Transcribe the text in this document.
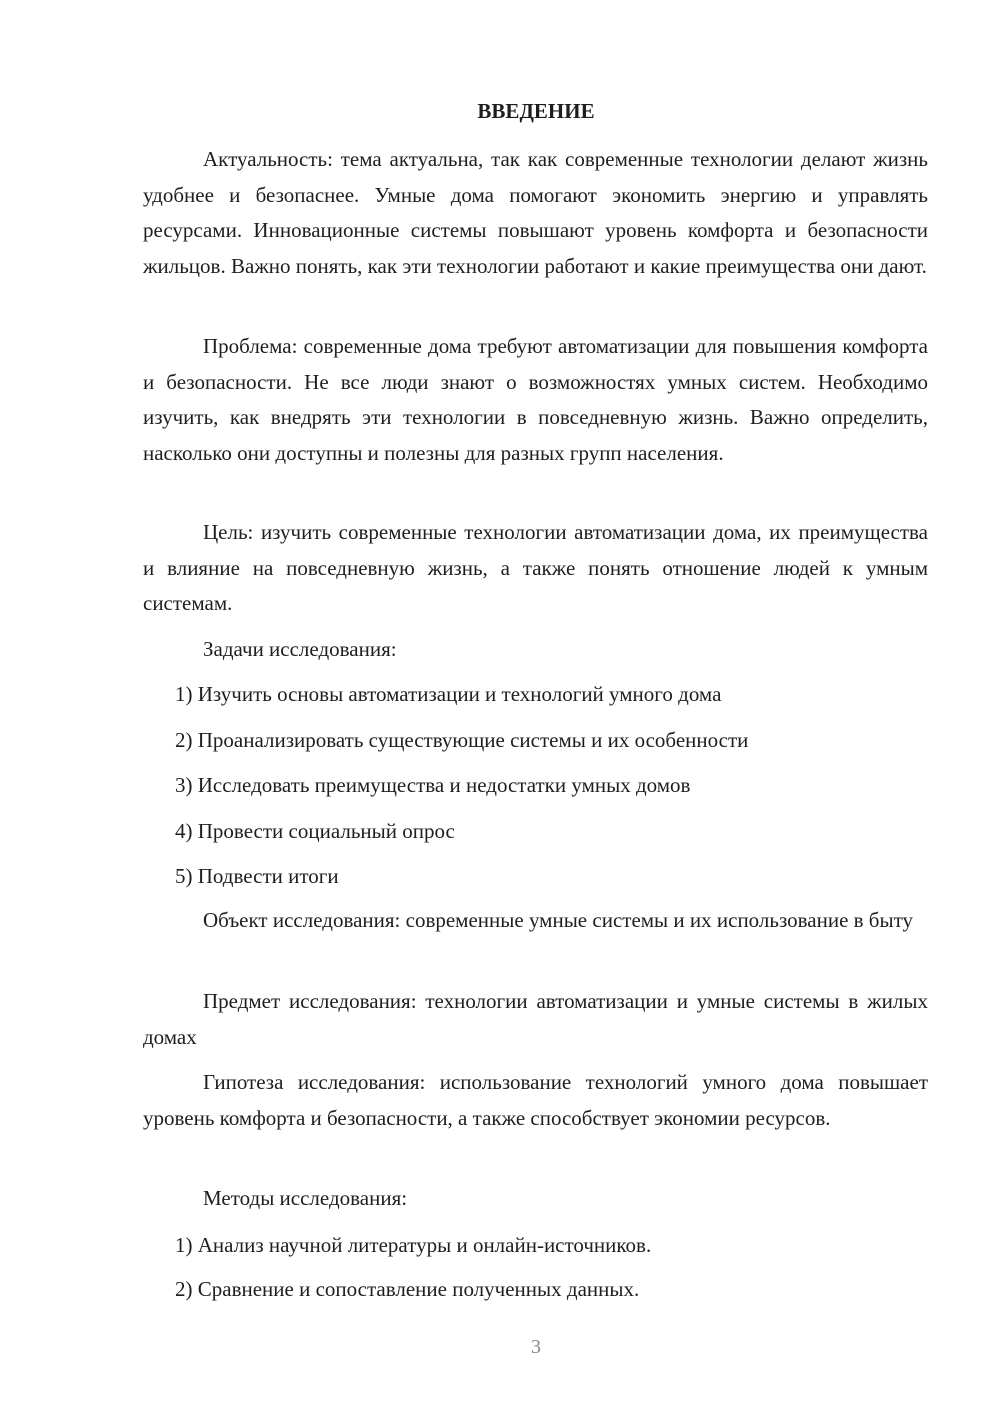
ВВЕДЕНИЕ

Актуальность: тема актуальна, так как современные технологии делают жизнь удобнее и безопаснее. Умные дома помогают экономить энергию и управлять ресурсами. Инновационные системы повышают уровень комфорта и безопасности жильцов. Важно понять, как эти технологии работают и какие преимущества они дают.

Проблема: современные дома требуют автоматизации для повышения комфорта и безопасности. Не все люди знают о возможностях умных систем. Необходимо изучить, как внедрять эти технологии в повседневную жизнь. Важно определить, насколько они доступны и полезны для разных групп населения.

Цель: изучить современные технологии автоматизации дома, их преимущества и влияние на повседневную жизнь, а также понять отношение людей к умным системам.

Задачи исследования:

1) Изучить основы автоматизации и технологий умного дома

2) Проанализировать существующие системы и их особенности

3) Исследовать преимущества и недостатки умных домов

4) Провести социальный опрос

5) Подвести итоги

Объект исследования: современные умные системы и их использование в быту

Предмет исследования: технологии автоматизации и умные системы в жилых домах

Гипотеза исследования: использование технологий умного дома повышает уровень комфорта и безопасности, а также способствует экономии ресурсов.

Методы исследования:

1) Анализ научной литературы и онлайн-источников.

2) Сравнение и сопоставление полученных данных.

3
